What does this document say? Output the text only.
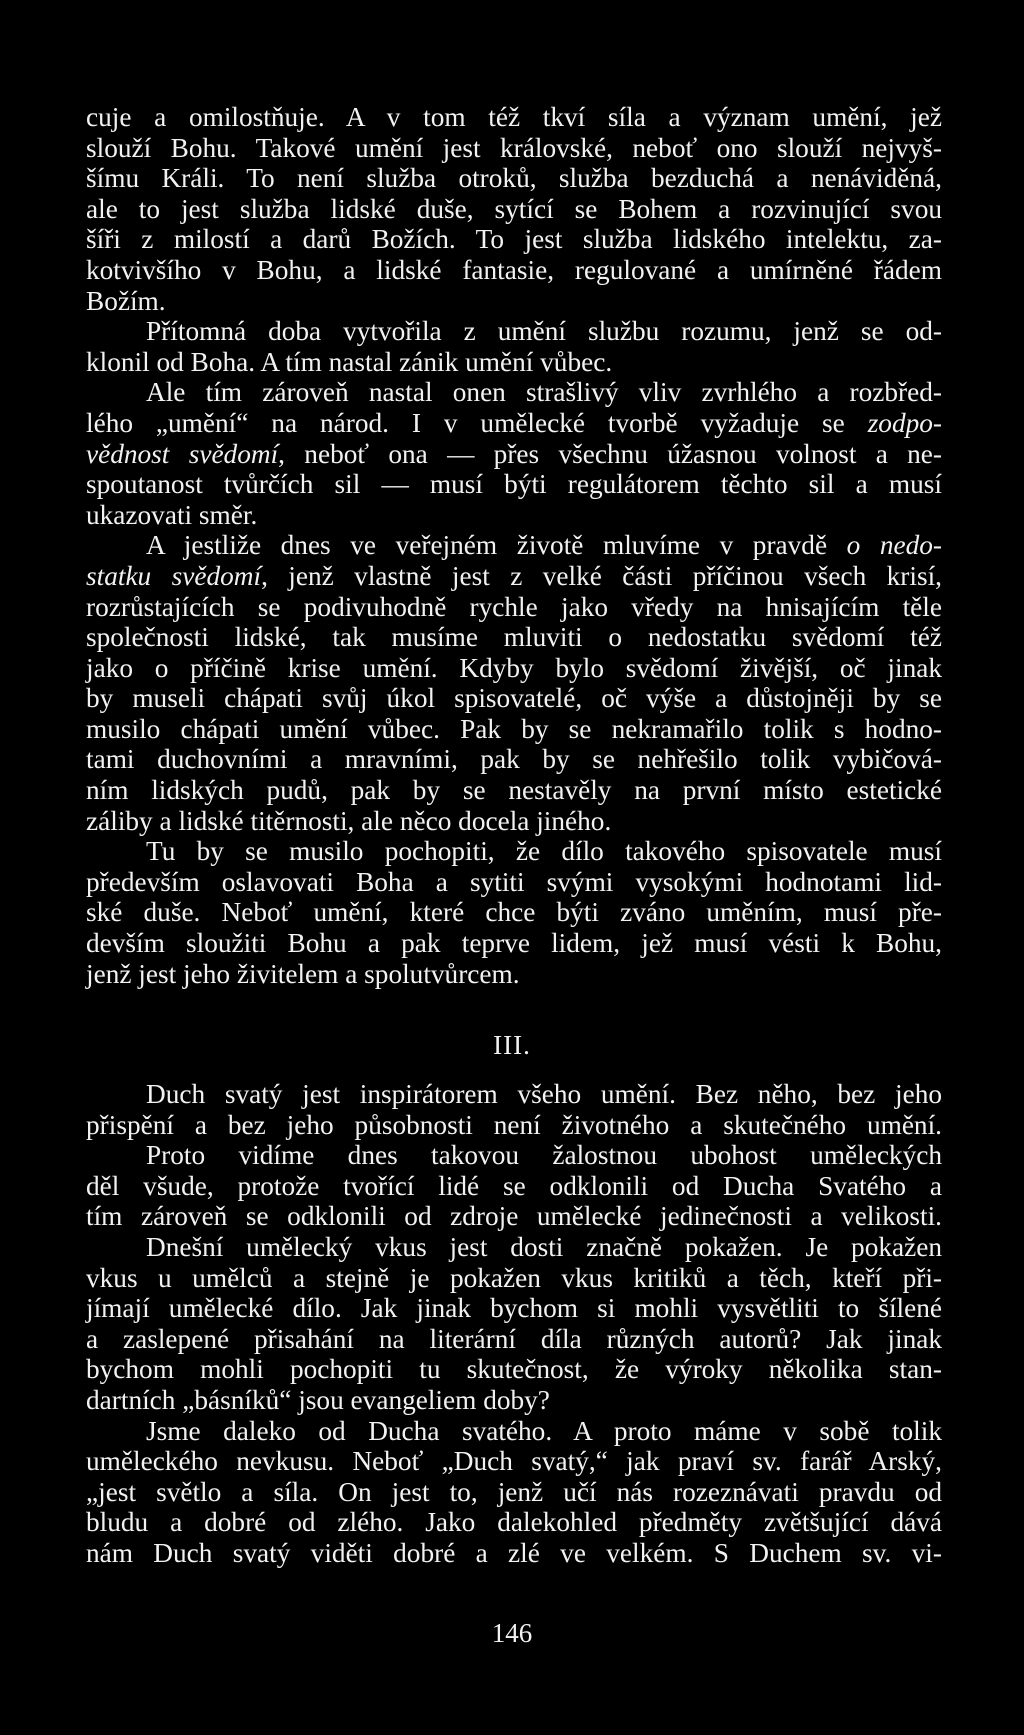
cuje a omilostňuje. A v tom též tkví síla a význam umění, jež
slouží Bohu. Takové umění jest královské, neboť ono slouží nejvyš-
šímu Králi. To není služba otroků, služba bezduchá a nenáviděná,
ale to jest služba lidské duše, sytící se Bohem a rozvinující svou
šíři z milostí a darů Božích. To jest služba lidského intelektu, za-
kotvivšího v Bohu, a lidské fantasie, regulované a umírněné řádem
Božím.
Přítomná doba vytvořila z umění službu rozumu, jenž se od-
klonil od Boha. A tím nastal zánik umění vůbec.
Ale tím zároveň nastal onen strašlivý vliv zvrhlého a rozbřed-
lého „umění“ na národ. I v umělecké tvorbě vyžaduje se zodpo-
vědnost svědomí, neboť ona — přes všechnu úžasnou volnost a ne-
spoutanost tvůrčích sil — musí býti regulátorem těchto sil a musí
ukazovati směr.
A jestliže dnes ve veřejném životě mluvíme v pravdě o nedo-
statku svědomí, jenž vlastně jest z velké části příčinou všech krisí,
rozrůstajících se podivuhodně rychle jako vředy na hnisajícím těle
společnosti lidské, tak musíme mluviti o nedostatku svědomí též
jako o příčině krise umění. Kdyby bylo svědomí živější, oč jinak
by museli chápati svůj úkol spisovatelé, oč výše a důstojněji by se
musilo chápati umění vůbec. Pak by se nekramařilo tolik s hodno-
tami duchovními a mravními, pak by se nehřešilo tolik vybičová-
ním lidských pudů, pak by se nestavěly na první místo estetické
záliby a lidské titěrnosti, ale něco docela jiného.
Tu by se musilo pochopiti, že dílo takového spisovatele musí
především oslavovati Boha a sytiti svými vysokými hodnotami lid-
ské duše. Neboť umění, které chce býti zváno uměním, musí pře-
devším sloužiti Bohu a pak teprve lidem, jež musí vésti k Bohu,
jenž jest jeho živitelem a spolutvůrcem.
III.
Duch svatý jest inspirátorem všeho umění. Bez něho, bez jeho
přispění a bez jeho působnosti není životného a skutečného umění.
Proto vidíme dnes takovou žalostnou ubohost uměleckých
děl všude, protože tvořící lidé se odklonili od Ducha Svatého a
tím zároveň se odklonili od zdroje umělecké jedinečnosti a velikosti.
Dnešní umělecký vkus jest dosti značně pokažen. Je pokažen
vkus u umělců a stejně je pokažen vkus kritiků a těch, kteří při-
jímají umělecké dílo. Jak jinak bychom si mohli vysvětliti to šílené
a zaslepené přisahání na literární díla různých autorů? Jak jinak
bychom mohli pochopiti tu skutečnost, že výroky několika stan-
dartních „básníků“ jsou evangeliem doby?
Jsme daleko od Ducha svatého. A proto máme v sobě tolik
uměleckého nevkusu. Neboť „Duch svatý,“ jak praví sv. farář Arský,
„jest světlo a síla. On jest to, jenž učí nás rozeznávati pravdu od
bludu a dobré od zlého. Jako dalekohled předměty zvětšující dává
nám Duch svatý viděti dobré a zlé ve velkém. S Duchem sv. vi-
146
